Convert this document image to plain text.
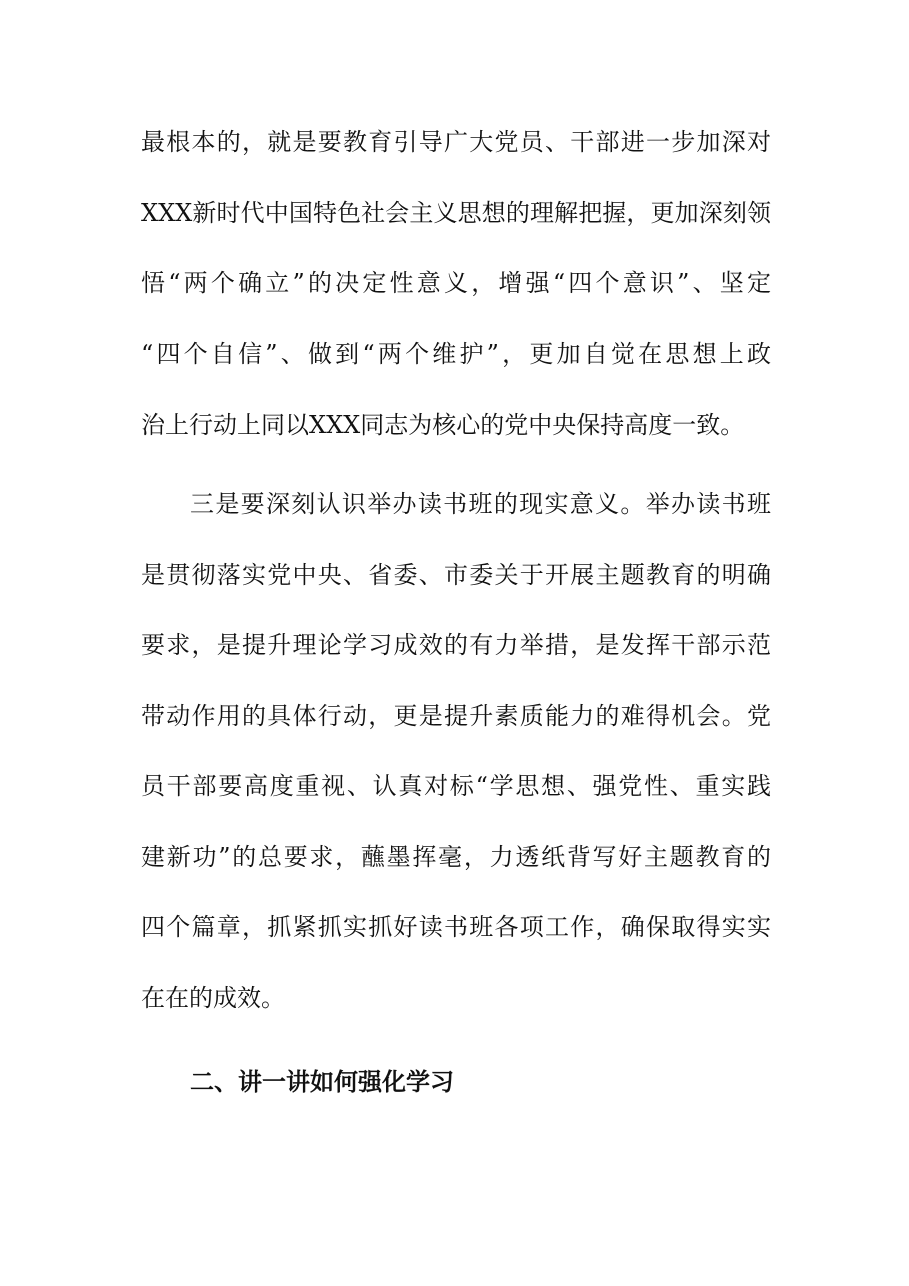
最根本的，就是要教育引导广大党员、干部进一步加深对
XXX新时代中国特色社会主义思想的理解把握，更加深刻领
悟“两个确立”的决定性意义，增强“四个意识”、坚定
“四个自信”、做到“两个维护”，更加自觉在思想上政
治上行动上同以XXX同志为核心的党中央保持高度一致。
三是要深刻认识举办读书班的现实意义。举办读书班
是贯彻落实党中央、省委、市委关于开展主题教育的明确
要求，是提升理论学习成效的有力举措，是发挥干部示范
带动作用的具体行动，更是提升素质能力的难得机会。党
员干部要高度重视、认真对标“学思想、强党性、重实践
建新功”的总要求，蘸墨挥毫，力透纸背写好主题教育的
四个篇章，抓紧抓实抓好读书班各项工作，确保取得实实
在在的成效。
二、讲一讲如何强化学习
